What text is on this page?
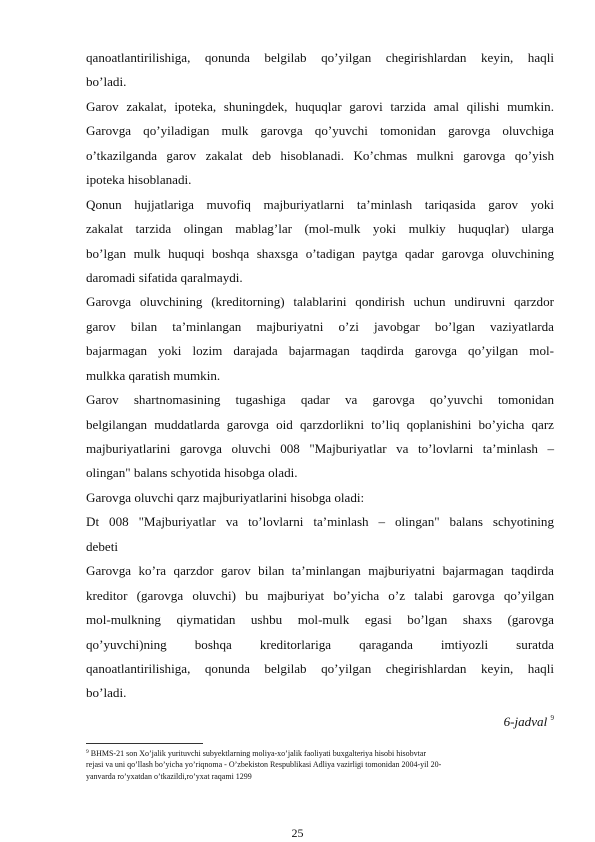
qanoatlantirilishiga, qonunda belgilab qo’yilgan chegirishlardan keyin, haqli
bo’ladi.
Garov zakalat, ipoteka, shuningdek, huquqlar garovi tarzida amal qilishi mumkin.
Garovga qo’yiladigan mulk garovga qo’yuvchi tomonidan garovga oluvchiga
o’tkazilganda garov zakalat deb hisoblanadi. Ko’chmas mulkni garovga qo’yish
ipoteka hisoblanadi.
Qonun hujjatlariga muvofiq majburiyatlarni ta’minlash tariqasida garov yoki
zakalat tarzida olingan mablag’lar (mol-mulk yoki mulkiy huquqlar) ularga
bo’lgan mulk huquqi boshqa shaxsga o’tadigan paytga qadar garovga oluvchining
daromadi sifatida qaralmaydi.
Garovga oluvchining (kreditorning) talablarini qondirish uchun undiruvni qarzdor
garov bilan ta’minlangan majburiyatni o’zi javobgar bo’lgan vaziyatlarda
bajarmagan yoki lozim darajada bajarmagan taqdirda garovga qo’yilgan mol-
mulkka qaratish mumkin.
Garov shartnomasining tugashiga qadar va garovga qo’yuvchi tomonidan
belgilangan muddatlarda garovga oid qarzdorlikni to’liq qoplanishini bo’yicha qarz
majburiyatlarini garovga oluvchi 008 "Majburiyatlar va to’lovlarni ta’minlash –
olingan" balans schyotida hisobga oladi.
Garovga oluvchi qarz majburiyatlarini hisobga oladi:
Dt 008 "Majburiyatlar va to’lovlarni ta’minlash – olingan" balans schyotining
debeti
Garovga ko’ra qarzdor garov bilan ta’minlangan majburiyatni bajarmagan taqdirda
kreditor (garovga oluvchi) bu majburiyat bo’yicha o’z talabi garovga qo’yilgan
mol-mulkning qiymatidan ushbu mol-mulk egasi bo’lgan shaxs (garovga
qo’yuvchi)ning boshqa kreditorlariga qaraganda imtiyozli suratda
qanoatlantirilishiga, qonunda belgilab qo’yilgan chegirishlardan keyin, haqli
bo’ladi.
6-jadval $^9$
$^9$ BHMS-21 son Xo’jalik yurituvchi subyektlarning moliya-xo’jalik faoliyati buxgalteriya hisobi hisobvtar
rejasi va uni qo’llash bo’yicha yo’riqnoma - O’zbekiston Respublikasi Adliya vazirligi tomonidan 2004-yil 20-
yanvarda ro’yxatdan o’tkazildi,ro’yxat raqami 1299
25
